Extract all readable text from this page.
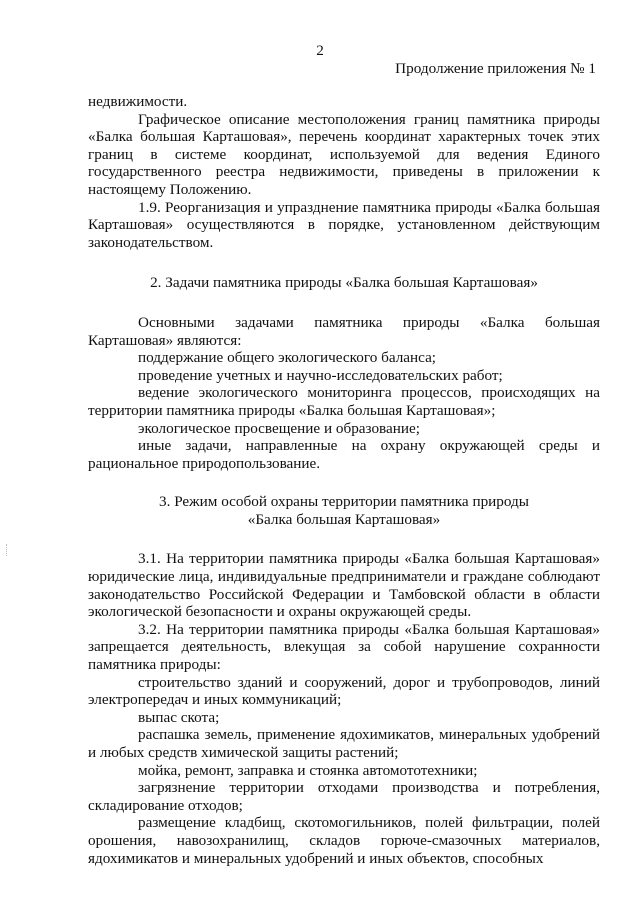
2
Продолжение приложения № 1

недвижимости.

Графическое описание местоположения границ памятника природы «Балка большая Карташовая», перечень координат характерных точек этих границ в системе координат, используемой для ведения Единого государственного реестра недвижимости, приведены в приложении к настоящему Положению.

1.9. Реорганизация и упразднение памятника природы «Балка большая Карташовая» осуществляются в порядке, установленном действующим законодательством.

2. Задачи памятника природы «Балка большая Карташовая»

Основными задачами памятника природы «Балка большая Карташовая» являются:

поддержание общего экологического баланса;

проведение учетных и научно-исследовательских работ;

ведение экологического мониторинга процессов, происходящих на территории памятника природы «Балка большая Карташовая»;

экологическое просвещение и образование;

иные задачи, направленные на охрану окружающей среды и рациональное природопользование.

3. Режим особой охраны территории памятника природы

«Балка большая Карташовая»

3.1. На территории памятника природы «Балка большая Карташовая» юридические лица, индивидуальные предприниматели и граждане соблюдают законодательство Российской Федерации и Тамбовской области в области экологической безопасности и охраны окружающей среды.

3.2. На территории памятника природы «Балка большая Карташовая» запрещается деятельность, влекущая за собой нарушение сохранности памятника природы:

строительство зданий и сооружений, дорог и трубопроводов, линий электропередач и иных коммуникаций;

выпас скота;

распашка земель, применение ядохимикатов, минеральных удобрений и любых средств химической защиты растений;

мойка, ремонт, заправка и стоянка автомототехники;

загрязнение территории отходами производства и потребления, складирование отходов;

размещение кладбищ, скотомогильников, полей фильтрации, полей орошения, навозохранилищ, складов горюче-смазочных материалов, ядохимикатов и минеральных удобрений и иных объектов, способных
